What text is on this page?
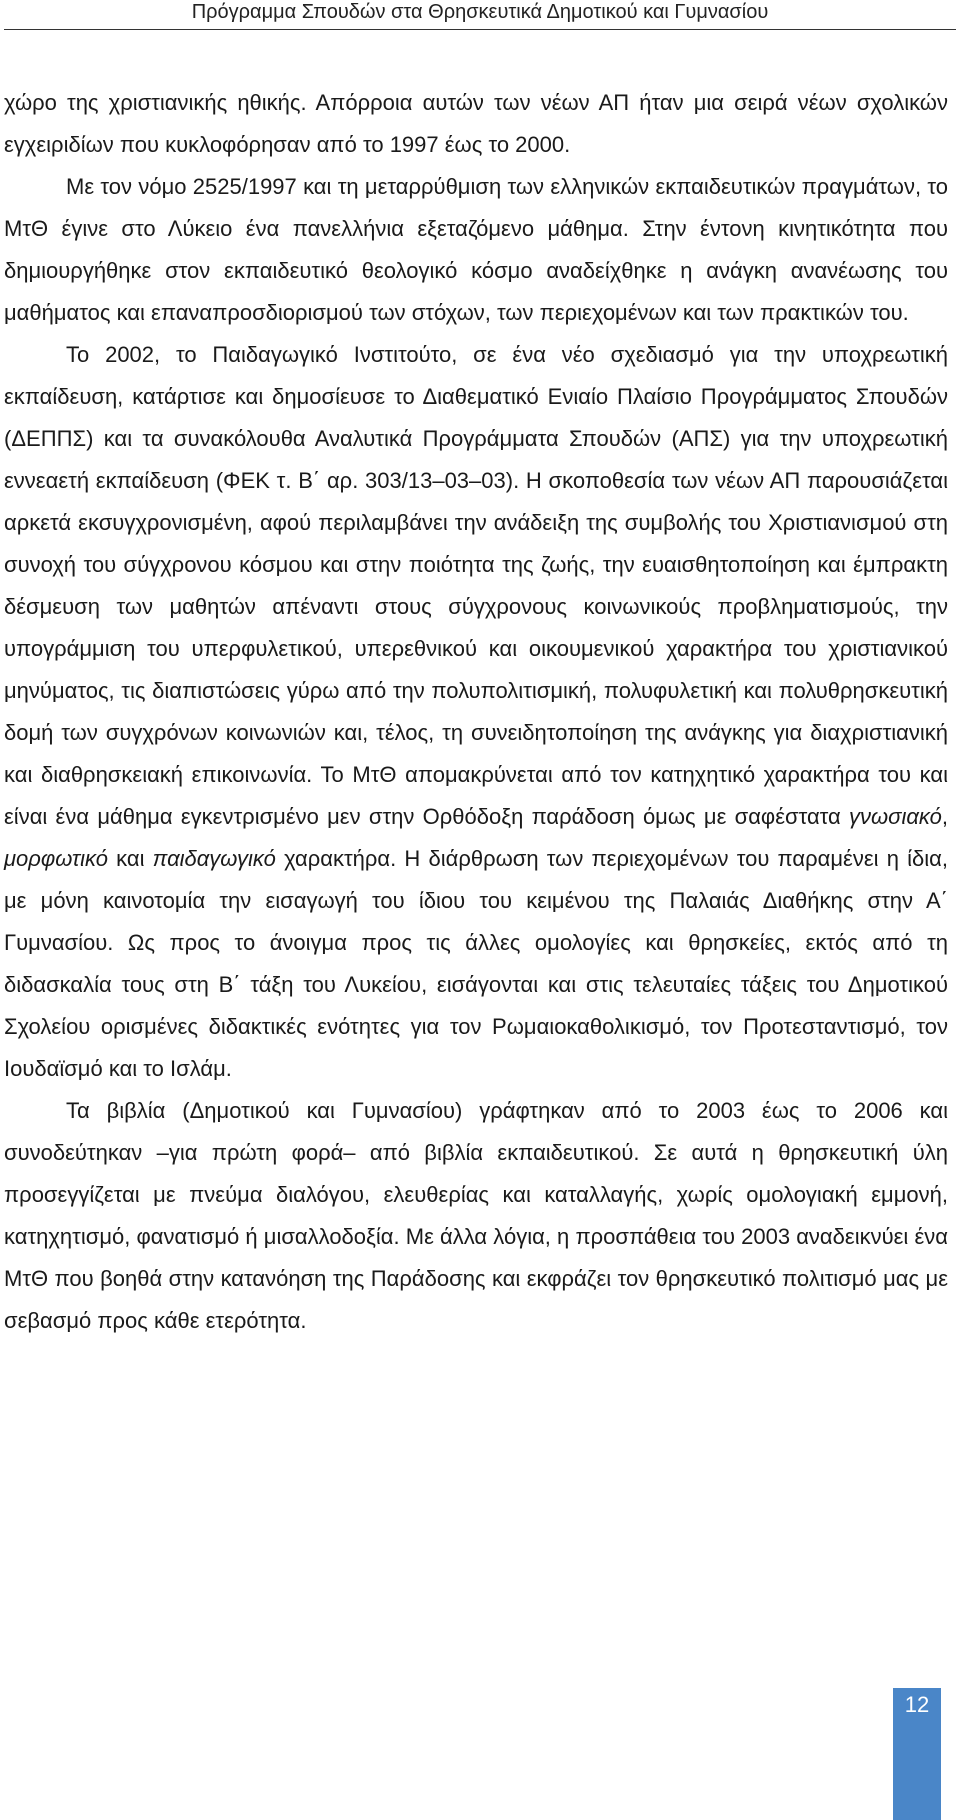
Πρόγραμμα Σπουδών στα Θρησκευτικά Δημοτικού και Γυμνασίου

χώρο της χριστιανικής ηθικής. Απόρροια αυτών των νέων ΑΠ ήταν μια σειρά νέων σχολικών εγχειριδίων που κυκλοφόρησαν από το 1997 έως το 2000.

Με τον νόμο 2525/1997 και τη μεταρρύθμιση των ελληνικών εκπαιδευτικών πραγμάτων, το ΜτΘ έγινε στο Λύκειο ένα πανελλήνια εξεταζόμενο μάθημα. Στην έντονη κινητικότητα που δημιουργήθηκε στον εκπαιδευτικό θεολογικό κόσμο αναδείχθηκε η ανάγκη ανανέωσης του μαθήματος και επαναπροσδιορισμού των στόχων, των περιεχομένων και των πρακτικών του.

Το 2002, το Παιδαγωγικό Ινστιτούτο, σε ένα νέο σχεδιασμό για την υποχρεωτική εκπαίδευση, κατάρτισε και δημοσίευσε το Διαθεματικό Ενιαίο Πλαίσιο Προγράμματος Σπουδών (ΔΕΠΠΣ) και τα συνακόλουθα Αναλυτικά Προγράμματα Σπουδών (ΑΠΣ) για την υποχρεωτική εννεαετή εκπαίδευση (ΦΕΚ τ. Β΄ αρ. 303/13–03–03). Η σκοποθεσία των νέων ΑΠ παρουσιάζεται αρκετά εκσυγχρονισμένη, αφού περιλαμβάνει την ανάδειξη της συμβολής του Χριστιανισμού στη συνοχή του σύγχρονου κόσμου και στην ποιότητα της ζωής, την ευαισθητοποίηση και έμπρακτη δέσμευση των μαθητών απέναντι στους σύγχρονους κοινωνικούς προβληματισμούς, την υπογράμμιση του υπερφυλετικού, υπερεθνικού και οικουμενικού χαρακτήρα του χριστιανικού μηνύματος, τις διαπιστώσεις γύρω από την πολυπολιτισμική, πολυφυλετική και πολυθρησκευτική δομή των συγχρόνων κοινωνιών και, τέλος, τη συνειδητοποίηση της ανάγκης για διαχριστιανική και διαθρησκειακή επικοινωνία. Το ΜτΘ απομακρύνεται από τον κατηχητικό χαρακτήρα του και είναι ένα μάθημα εγκεντρισμένο μεν στην Ορθόδοξη παράδοση όμως με σαφέστατα γνωσιακό, μορφωτικό και παιδαγωγικό χαρακτήρα. Η διάρθρωση των περιεχομένων του παραμένει η ίδια, με μόνη καινοτομία την εισαγωγή του ίδιου του κειμένου της Παλαιάς Διαθήκης στην Α΄ Γυμνασίου. Ως προς το άνοιγμα προς τις άλλες ομολογίες και θρησκείες, εκτός από τη διδασκαλία τους στη Β΄ τάξη του Λυκείου, εισάγονται και στις τελευταίες τάξεις του Δημοτικού Σχολείου ορισμένες διδακτικές ενότητες για τον Ρωμαιοκαθολικισμό, τον Προτεσταντισμό, τον Ιουδαϊσμό και το Ισλάμ.

Τα βιβλία (Δημοτικού και Γυμνασίου) γράφτηκαν από το 2003 έως το 2006 και συνοδεύτηκαν –για πρώτη φορά– από βιβλία εκπαιδευτικού. Σε αυτά η θρησκευτική ύλη προσεγγίζεται με πνεύμα διαλόγου, ελευθερίας και καταλλαγής, χωρίς ομολογιακή εμμονή, κατηχητισμό, φανατισμό ή μισαλλοδοξία. Με άλλα λόγια, η προσπάθεια του 2003 αναδεικνύει ένα ΜτΘ που βοηθά στην κατανόηση της Παράδοσης και εκφράζει τον θρησκευτικό πολιτισμό μας με σεβασμό προς κάθε ετερότητα.

12
